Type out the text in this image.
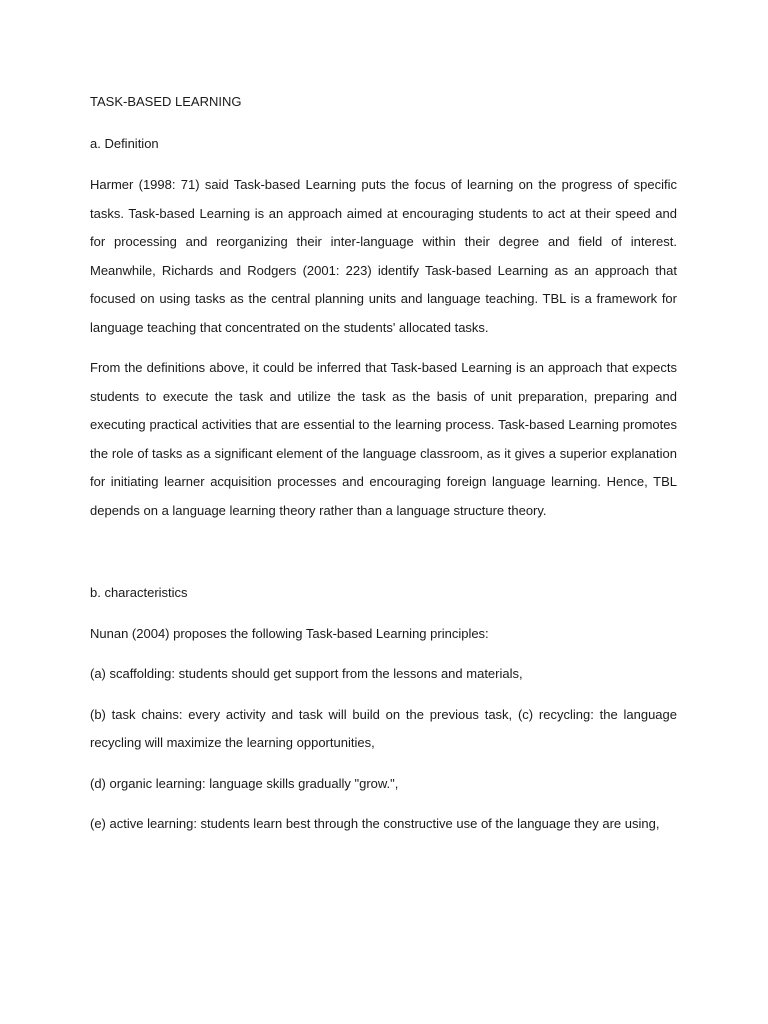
TASK-BASED LEARNING
a. Definition

Harmer (1998: 71) said Task-based Learning puts the focus of learning on the progress of specific tasks. Task-based Learning is an approach aimed at encouraging students to act at their speed and for processing and reorganizing their inter-language within their degree and field of interest. Meanwhile, Richards and Rodgers (2001: 223) identify Task-based Learning as an approach that focused on using tasks as the central planning units and language teaching. TBL is a framework for language teaching that concentrated on the students' allocated tasks.

From the definitions above, it could be inferred that Task-based Learning is an approach that expects students to execute the task and utilize the task as the basis of unit preparation, preparing and executing practical activities that are essential to the learning process. Task-based Learning promotes the role of tasks as a significant element of the language classroom, as it gives a superior explanation for initiating learner acquisition processes and encouraging foreign language learning. Hence, TBL depends on a language learning theory rather than a language structure theory.

b. characteristics

Nunan (2004) proposes the following Task-based Learning principles:

(a) scaffolding: students should get support from the lessons and materials,

(b) task chains: every activity and task will build on the previous task, (c) recycling: the language recycling will maximize the learning opportunities,

(d) organic learning: language skills gradually "grow.",

(e) active learning: students learn best through the constructive use of the language they are using,
